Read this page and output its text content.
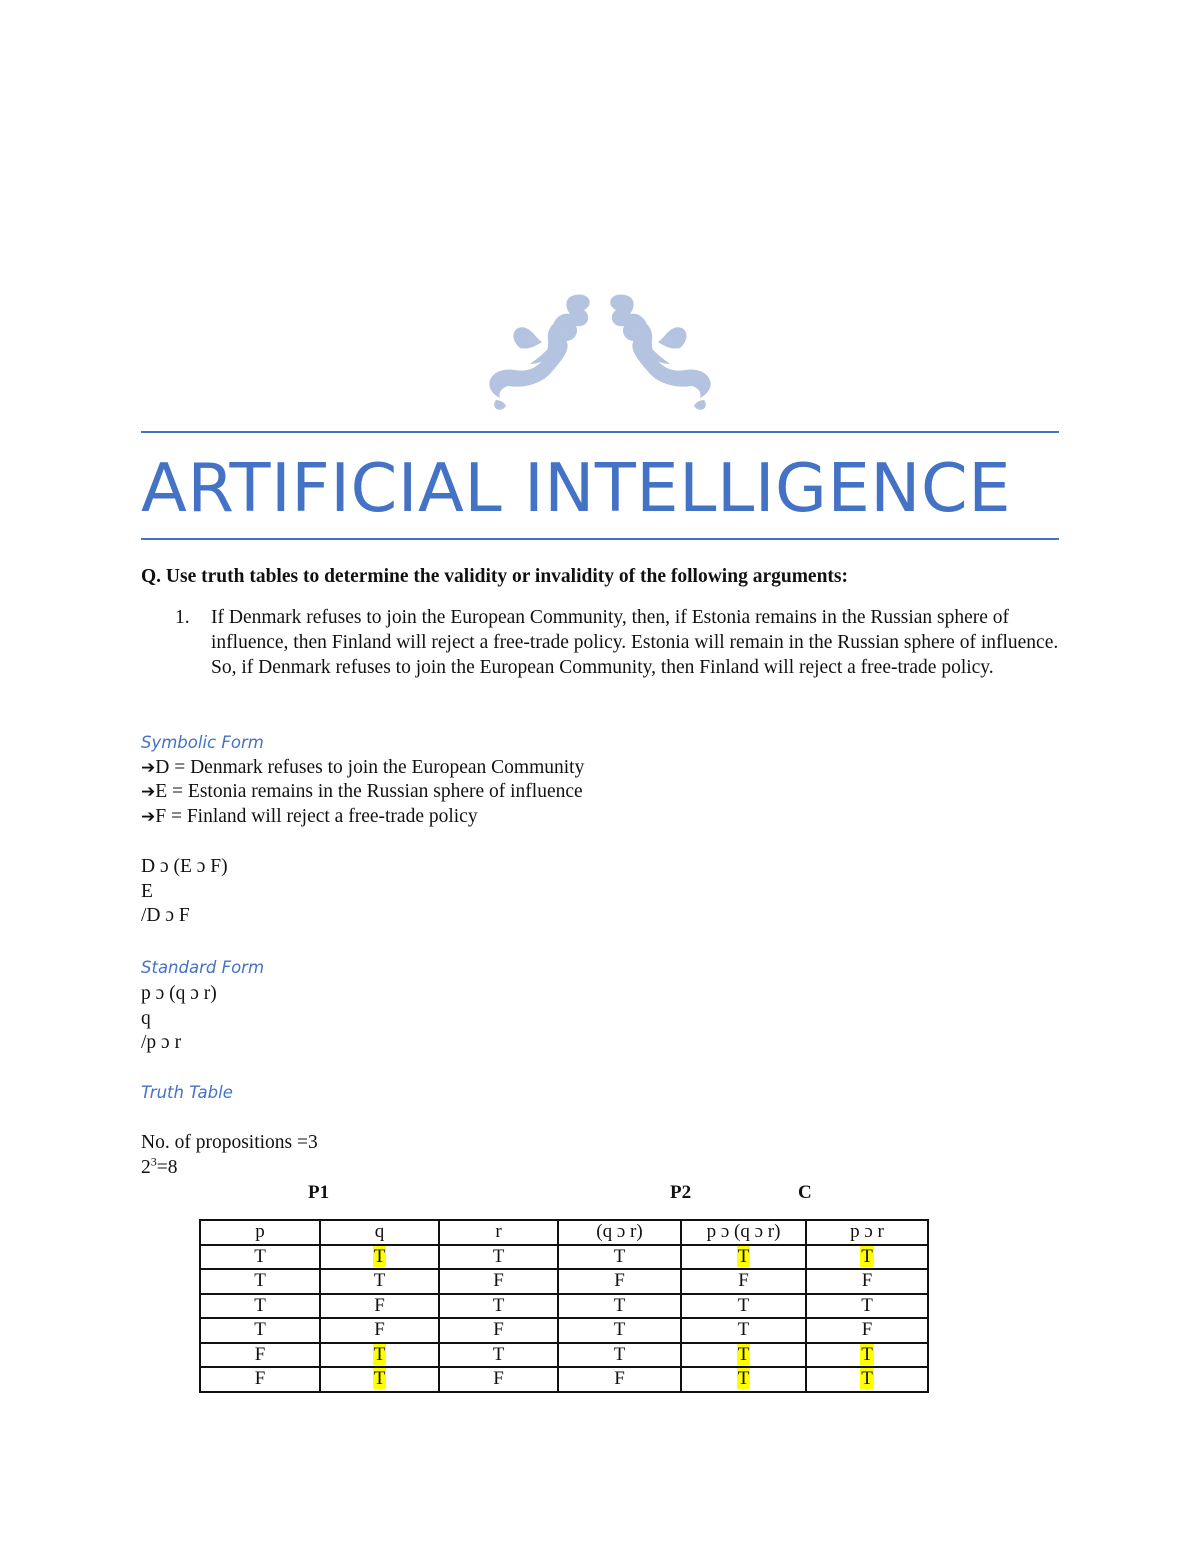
ARTIFICIAL INTELLIGENCE
Q. Use truth tables to determine the validity or invalidity of the following arguments:
1. If Denmark refuses to join the European Community, then, if Estonia remains in the Russian sphere of influence, then Finland will reject a free-trade policy. Estonia will remain in the Russian sphere of influence. So, if Denmark refuses to join the European Community, then Finland will reject a free-trade policy.
Symbolic Form
➔D = Denmark refuses to join the European Community
➔E = Estonia remains in the Russian sphere of influence
➔F = Finland will reject a free-trade policy
D ɔ (E ɔ F)
E
/D ɔ F
Standard Form
p ɔ (q ɔ r)
q
/p ɔ r
Truth Table
No. of propositions =3
$2^3=8$
P1	P2	C
p	q	r	(q ɔ r)	p ɔ (q ɔ r)	p ɔ r
T	T	T	T	T	T
T	T	F	F	F	F
T	F	T	T	T	T
T	F	F	T	T	F
F	T	T	T	T	T
F	T	F	F	T	T
